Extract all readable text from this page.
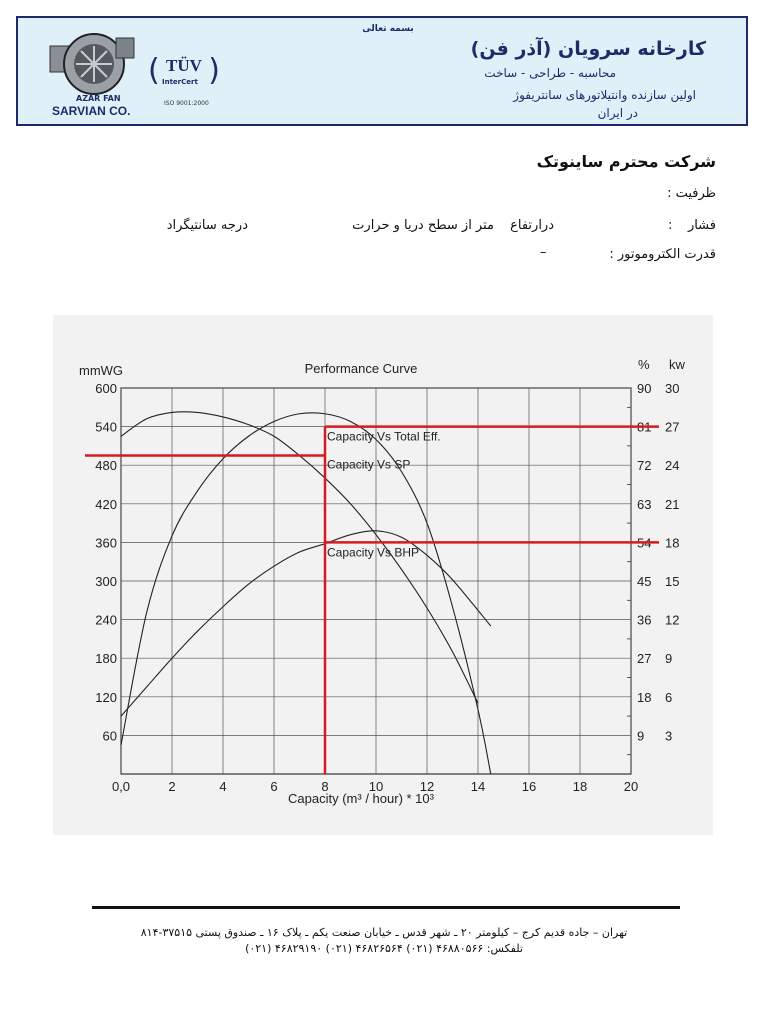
AZAR FAN
SARVIAN CO.
( )
TÜV
InterCert
ISO 9001:2000
بسمه تعالی
کارخانه سرویان (آذر فن)
محاسبه - طراحی - ساخت
اولین سازنده وانتیلاتورهای سانتریفوژ
در ایران
شرکت محترم ساینوتک
ظرفیت :
فشار
:
درارتفاع
متر از سطح دریا و حرارت
درجه سانتیگراد
قدرت الکتروموتور :
–
0,0	2	4	6	8	10	12	14	16	18	20
600	90 30
540	81 27
480	72 24
420	63 21
360	54 18
300	45 15
240	36 12
180	27 9
120	18 6
60	9 3
Performance Curve
mmWG	% kw
Capacity (m³ / hour) * 10³
Capacity Vs Total Eff.
Capacity Vs SP
Capacity Vs BHP
تهران – جاده قدیم کرج – کیلومتر ۲۰ ـ شهر قدس ـ خیابان صنعت یکم ـ پلاک ۱۶ ـ صندوق پستی ۳۷۵۱۵-۸۱۴
تلفکس: ۴۶۸۸۰۵۶۶ (۰۲۱) ۴۶۸۲۶۵۶۴ (۰۲۱) ۴۶۸۲۹۱۹۰ (۰۲۱)
